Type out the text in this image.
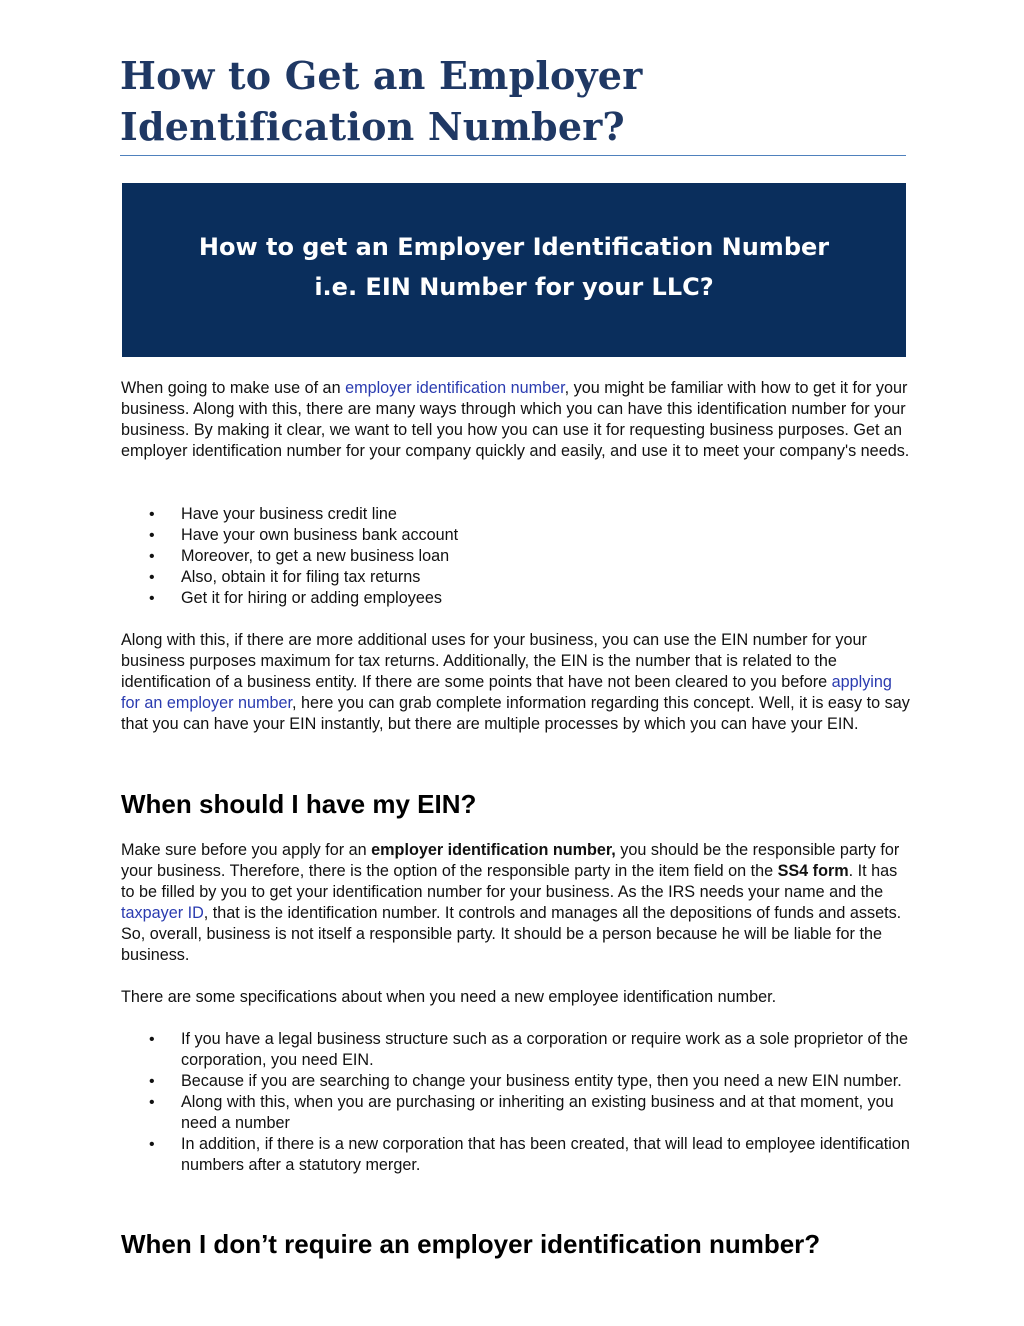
How to Get an Employer Identification Number?
How to get an Employer Identification Number
i.e. EIN Number for your LLC?

When going to make use of an employer identification number, you might be familiar with how to get it for your business. Along with this, there are many ways through which you can have this identification number for your business. By making it clear, we want to tell you how you can use it for requesting business purposes. Get an employer identification number for your company quickly and easily, and use it to meet your company's needs.

• Have your business credit line
• Have your own business bank account
• Moreover, to get a new business loan
• Also, obtain it for filing tax returns
• Get it for hiring or adding employees

Along with this, if there are more additional uses for your business, you can use the EIN number for your business purposes maximum for tax returns. Additionally, the EIN is the number that is related to the identification of a business entity. If there are some points that have not been cleared to you before applying for an employer number, here you can grab complete information regarding this concept. Well, it is easy to say that you can have your EIN instantly, but there are multiple processes by which you can have your EIN.

When should I have my EIN?

Make sure before you apply for an employer identification number, you should be the responsible party for your business. Therefore, there is the option of the responsible party in the item field on the SS4 form. It has to be filled by you to get your identification number for your business. As the IRS needs your name and the taxpayer ID, that is the identification number. It controls and manages all the depositions of funds and assets. So, overall, business is not itself a responsible party. It should be a person because he will be liable for the business.

There are some specifications about when you need a new employee identification number.

• If you have a legal business structure such as a corporation or require work as a sole proprietor of the corporation, you need EIN.
• Because if you are searching to change your business entity type, then you need a new EIN number.
• Along with this, when you are purchasing or inheriting an existing business and at that moment, you need a number
• In addition, if there is a new corporation that has been created, that will lead to employee identification numbers after a statutory merger.
When I don’t require an employer identification number?
